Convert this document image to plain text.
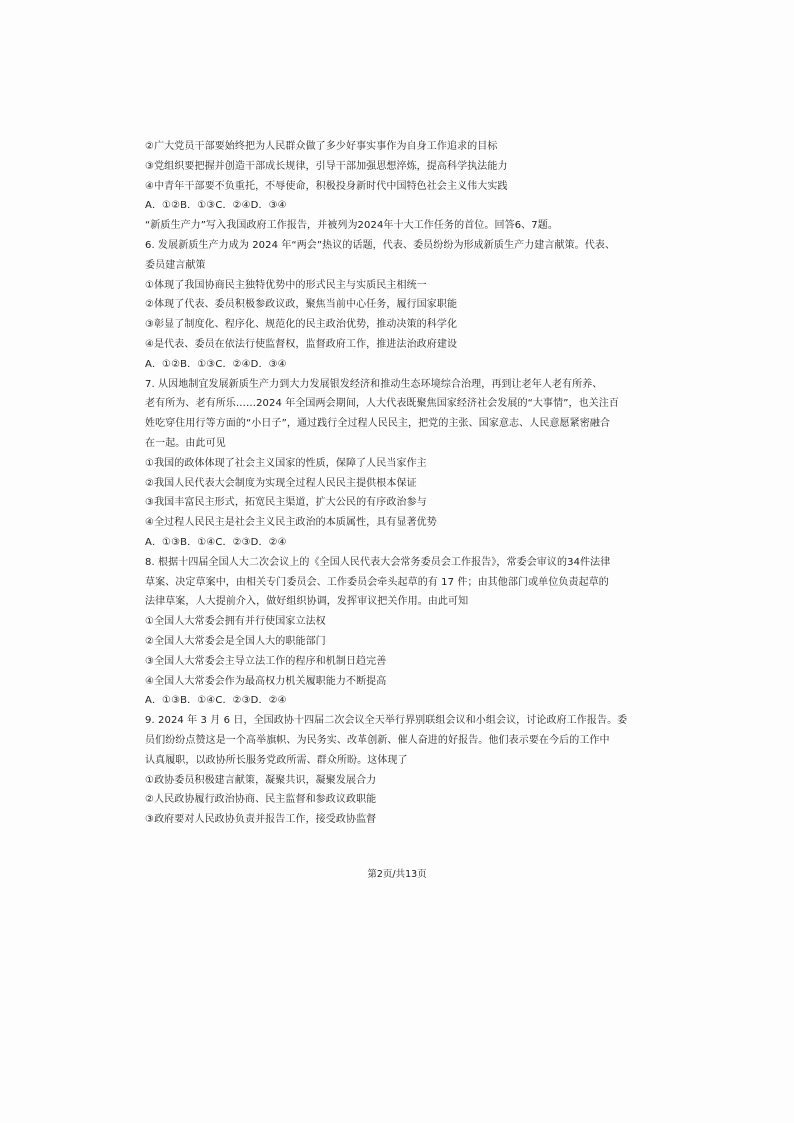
②广大党员干部要始终把为人民群众做了多少好事实事作为自身工作追求的目标
③党组织要把握并创造干部成长规律，引导干部加强思想淬炼，提高科学执法能力
④中青年干部要不负重托，不辱使命，积极投身新时代中国特色社会主义伟大实践
A．①②B．①③C．②④D．③④
“新质生产力”写入我国政府工作报告，并被列为2024年十大工作任务的首位。回答6、7题。
6. 发展新质生产力成为 2024 年“两会”热议的话题，代表、委员纷纷为形成新质生产力建言献策。代表、
委员建言献策
①体现了我国协商民主独特优势中的形式民主与实质民主相统一
②体现了代表、委员积极参政议政，聚焦当前中心任务，履行国家职能
③彰显了制度化、程序化、规范化的民主政治优势，推动决策的科学化
④是代表、委员在依法行使监督权，监督政府工作，推进法治政府建设
A．①②B．①③C．②④D．③④
7. 从因地制宜发展新质生产力到大力发展银发经济和推动生态环境综合治理，再到让老年人老有所养、
老有所为、老有所乐……2024 年全国两会期间，人大代表既聚焦国家经济社会发展的“大事情”，也关注百
姓吃穿住用行等方面的“小日子”，通过践行全过程人民民主，把党的主张、国家意志、人民意愿紧密融合
在一起。由此可见
①我国的政体体现了社会主义国家的性质，保障了人民当家作主
②我国人民代表大会制度为实现全过程人民民主提供根本保证
③我国丰富民主形式，拓宽民主渠道，扩大公民的有序政治参与
④全过程人民民主是社会主义民主政治的本质属性，具有显著优势
A．①③B．①④C．②③D．②④
8. 根据十四届全国人大二次会议上的《全国人民代表大会常务委员会工作报告》，常委会审议的34件法律
草案、决定草案中，由相关专门委员会、工作委员会牵头起草的有 17 件；由其他部门或单位负责起草的
法律草案，人大提前介入，做好组织协调，发挥审议把关作用。由此可知
①全国人大常委会拥有并行使国家立法权
②全国人大常委会是全国人大的职能部门
③全国人大常委会主导立法工作的程序和机制日趋完善
④全国人大常委会作为最高权力机关履职能力不断提高
A．①③B．①④C．②③D．②④
9. 2024 年 3 月 6 日，全国政协十四届二次会议全天举行界别联组会议和小组会议，讨论政府工作报告。委
员们纷纷点赞这是一个高举旗帜、为民务实、改革创新、催人奋进的好报告。他们表示要在今后的工作中
认真履职，以政协所长服务党政所需、群众所盼。这体现了
①政协委员积极建言献策，凝聚共识，凝聚发展合力
②人民政协履行政治协商、民主监督和参政议政职能
③政府要对人民政协负责并报告工作，接受政协监督
第2页/共13页
